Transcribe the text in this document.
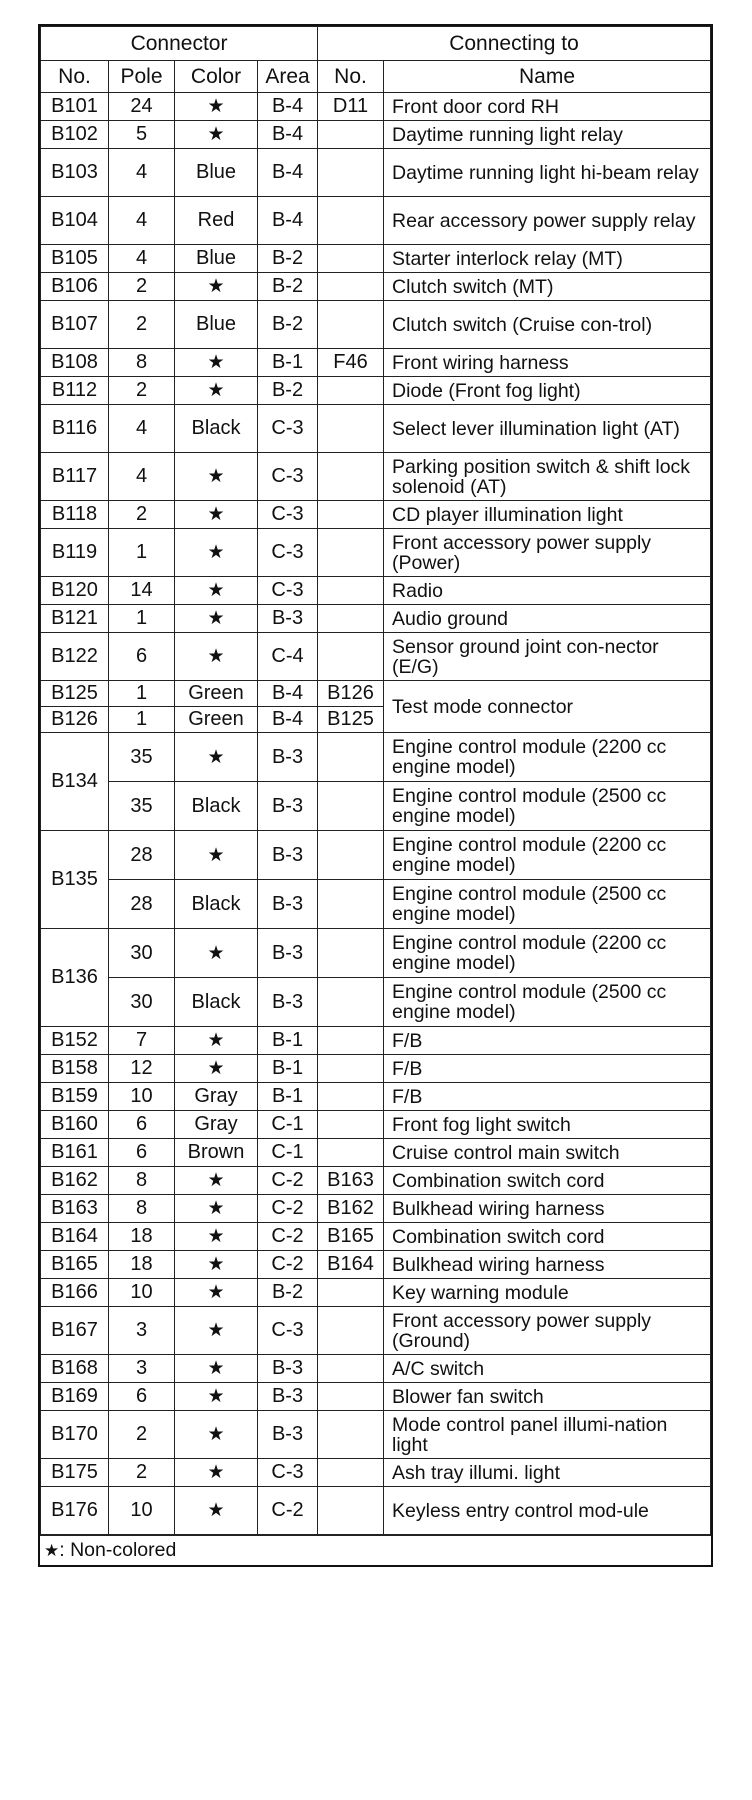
Connector				Connecting to	
No.	Pole	Color	Area	No.	Name
B101	24	★	B-4	D11	Front door cord RH
B102	5	★	B-4		Daytime running light relay
B103	4	Blue	B-4		Daytime running light hi-beam relay
B104	4	Red	B-4		Rear accessory power supply relay
B105	4	Blue	B-2		Starter interlock relay (MT)
B106	2	★	B-2		Clutch switch (MT)
B107	2	Blue	B-2		Clutch switch (Cruise con-trol)
B108	8	★	B-1	F46	Front wiring harness
B112	2	★	B-2		Diode (Front fog light)
B116	4	Black	C-3		Select lever illumination light (AT)
B117	4	★	C-3		Parking position switch & shift lock solenoid (AT)
B118	2	★	C-3		CD player illumination light
B119	1	★	C-3		Front accessory power supply (Power)
B120	14	★	C-3		Radio
B121	1	★	B-3		Audio ground
B122	6	★	C-4		Sensor ground joint con-nector (E/G)
B125	1	Green	B-4	B126	Test mode connector
B126	1	Green	B-4	B125	
B134	35	★	B-3		Engine control module (2200 cc engine model)
	35	Black	B-3		Engine control module (2500 cc engine model)
B135	28	★	B-3		Engine control module (2200 cc engine model)
	28	Black	B-3		Engine control module (2500 cc engine model)
B136	30	★	B-3		Engine control module (2200 cc engine model)
	30	Black	B-3		Engine control module (2500 cc engine model)
B152	7	★	B-1		F/B
B158	12	★	B-1		F/B
B159	10	Gray	B-1		F/B
B160	6	Gray	C-1		Front fog light switch
B161	6	Brown	C-1		Cruise control main switch
B162	8	★	C-2	B163	Combination switch cord
B163	8	★	C-2	B162	Bulkhead wiring harness
B164	18	★	C-2	B165	Combination switch cord
B165	18	★	C-2	B164	Bulkhead wiring harness
B166	10	★	B-2		Key warning module
B167	3	★	C-3		Front accessory power supply (Ground)
B168	3	★	B-3		A/C switch
B169	6	★	B-3		Blower fan switch
B170	2	★	B-3		Mode control panel illumi-nation light
B175	2	★	C-3		Ash tray illumi. light
B176	10	★	C-2		Keyless entry control mod-ule
★: Non-colored
